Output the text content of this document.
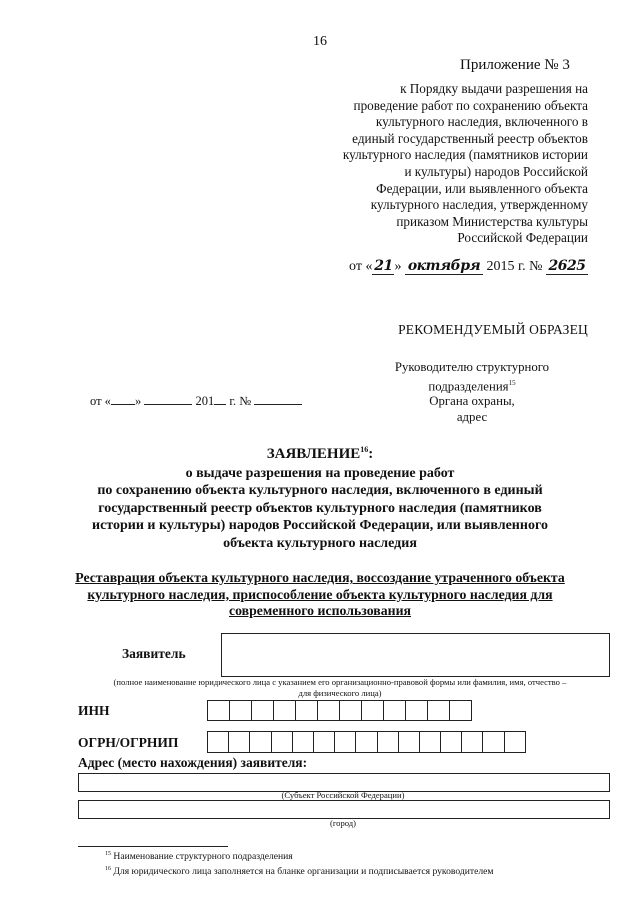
16
Приложение № 3
к Порядку выдачи разрешения на
проведение работ по сохранению объекта
культурного наследия, включенного в
единый государственный реестр объектов
культурного наследия (памятников истории
и культуры) народов Российской
Федерации, или выявленного объекта
культурного наследия, утвержденному
приказом Министерства культуры
Российской Федерации
от « 21 » октября 2015 г. № 2625
РЕКОМЕНДУЕМЫЙ ОБРАЗЕЦ
Руководителю структурного
подразделения$^{15}$
Органа охраны,
адрес
от « »	201 г. №
ЗАЯВЛЕНИЕ$^{16}$:
о выдаче разрешения на проведение работ
по сохранению объекта культурного наследия, включенного в единый
государственный реестр объектов культурного наследия (памятников
истории и культуры) народов Российской Федерации, или выявленного
объекта культурного наследия
Реставрация объекта культурного наследия, воссоздание утраченного объекта
культурного наследия, приспособление объекта культурного наследия для
современного использования
Заявитель
(полное наименование юридического лица с указанием его организационно-правовой формы или фамилия, имя, отчество –
для физического лица)
ИНН
ОГРН/ОГРНИП
Адрес (место нахождения) заявителя:
(Субъект Российской Федерации)
(город)
$^{15}$ Наименование структурного подразделения
$^{16}$ Для юридического лица заполняется на бланке организации и подписывается руководителем
